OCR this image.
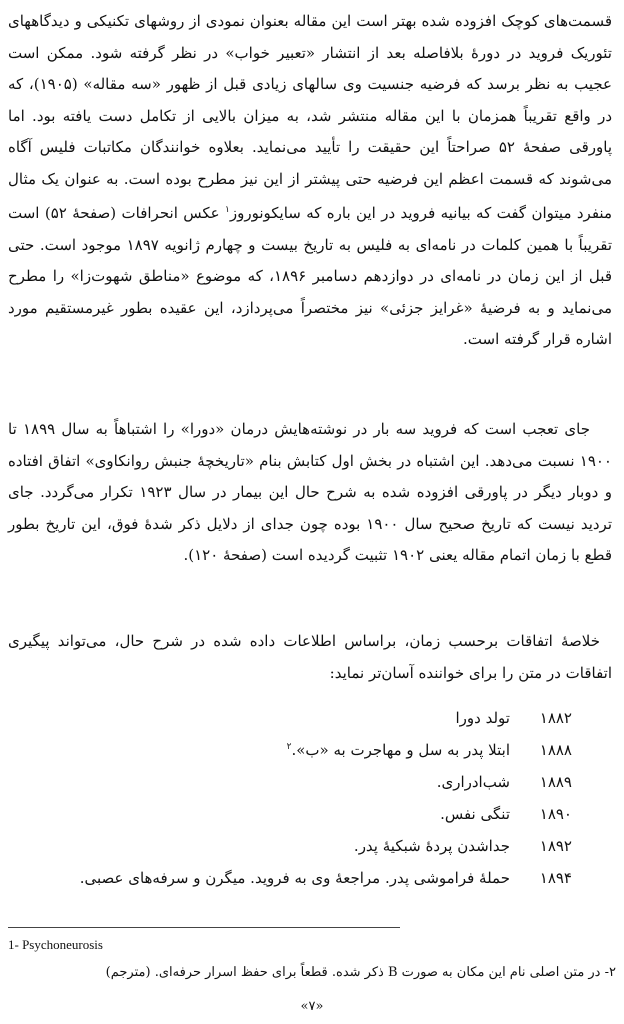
قسمت‌های کوچک افزوده شده بهتر است این مقاله بعنوان نمودی از روشهای تکنیکی و دیدگاههای تئوریک فروید در دورهٔ بلافاصله بعد از انتشار «تعبیر خواب» در نظر گرفته شود. ممکن است عجیب به نظر برسد که فرضیه جنسیت وی سالهای زیادی قبل از ظهور «سه مقاله» (۱۹۰۵)، که در واقع تقریباً همزمان با این مقاله منتشر شد، به میزان بالایی از تکامل دست یافته بود. اما پاورقی صفحهٔ ۵۲ صراحتاً این حقیقت را تأیید می‌نماید. بعلاوه خوانندگان مکاتبات فلیس آگاه می‌شوند که قسمت اعظم این فرضیه حتی پیشتر از این نیز مطرح بوده است. به عنوان یک مثال منفرد میتوان گفت که بیانیه فروید در این باره که سایکونوروز$^۱$ عکس انحرافات (صفحهٔ ۵۲) است تقریباً با همین کلمات در نامه‌ای به فلیس به تاریخ بیست و چهارم ژانویه ۱۸۹۷ موجود است. حتی قبل از این زمان در نامه‌ای در دوازدهم دسامبر ۱۸۹۶، که موضوع «مناطق شهوت‌زا» را مطرح می‌نماید و به فرضیهٔ «غرایز جزئی» نیز مختصراً می‌پردازد، این عقیده بطور غیرمستقیم مورد اشاره قرار گرفته است.

جای تعجب است که فروید سه بار در نوشته‌هایش درمان «دورا» را اشتباهاً به سال ۱۸۹۹ تا ۱۹۰۰ نسبت می‌دهد. این اشتباه در بخش اول کتابش بنام «تاریخچهٔ جنبش روانکاوی» اتفاق افتاده و دوبار دیگر در پاورقی افزوده شده به شرح حال این بیمار در سال ۱۹۲۳ تکرار می‌گردد. جای تردید نیست که تاریخ صحیح سال ۱۹۰۰ بوده چون جدای از دلایل ذکر شدهٔ فوق، این تاریخ بطور قطع با زمان اتمام مقاله یعنی ۱۹۰۲ تثبیت گردیده است (صفحهٔ ۱۲۰).

خلاصهٔ اتفاقات برحسب زمان، براساس اطلاعات داده شده در شرح حال، می‌تواند پیگیری اتفاقات در متن را برای خواننده آسان‌تر نماید:

۱۸۸۲
تولد دورا
۱۸۸۸
ابتلا پدر به سل و مهاجرت به «ب».$^۲$
۱۸۸۹
شب‌ادراری.
۱۸۹۰
تنگی نفس.
۱۸۹۲
جداشدن پردهٔ شبکیهٔ پدر.
۱۸۹۴
حملهٔ فراموشی پدر. مراجعهٔ وی به فروید. میگرن و سرفه‌های عصبی.
1- Psychoneurosis
۲- در متن اصلی نام این مکان به صورت B ذکر شده. قطعاً برای حفظ اسرار حرفه‌ای. (مترجم)
«۷»
